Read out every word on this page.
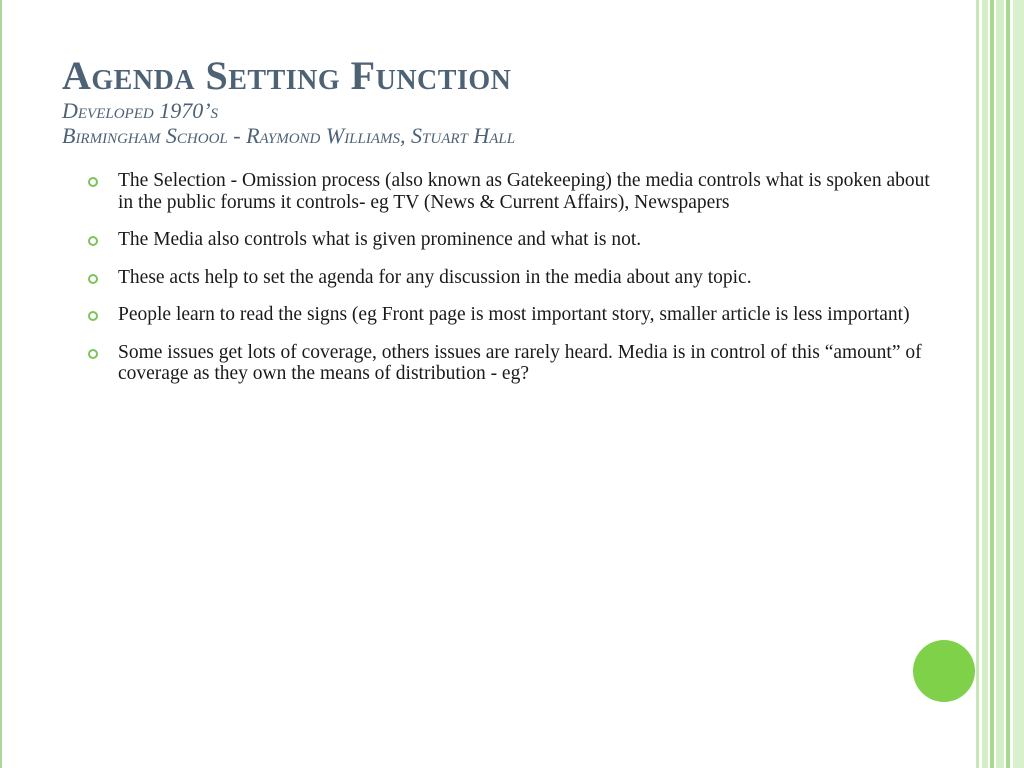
Agenda Setting Function

Developed 1970’s

Birmingham School - Raymond Williams, Stuart Hall

The Selection - Omission process (also known as Gatekeeping) the media controls what is spoken about in the public forums it controls- eg TV (News & Current Affairs), Newspapers
The Media also controls what is given prominence and what is not.
These acts help to set the agenda for any discussion in the media about any topic.
People learn to read the signs (eg Front page is most important story, smaller article is less important)
Some issues get lots of coverage, others issues are rarely heard. Media is in control of this “amount” of coverage as they own the means of distribution - eg?
